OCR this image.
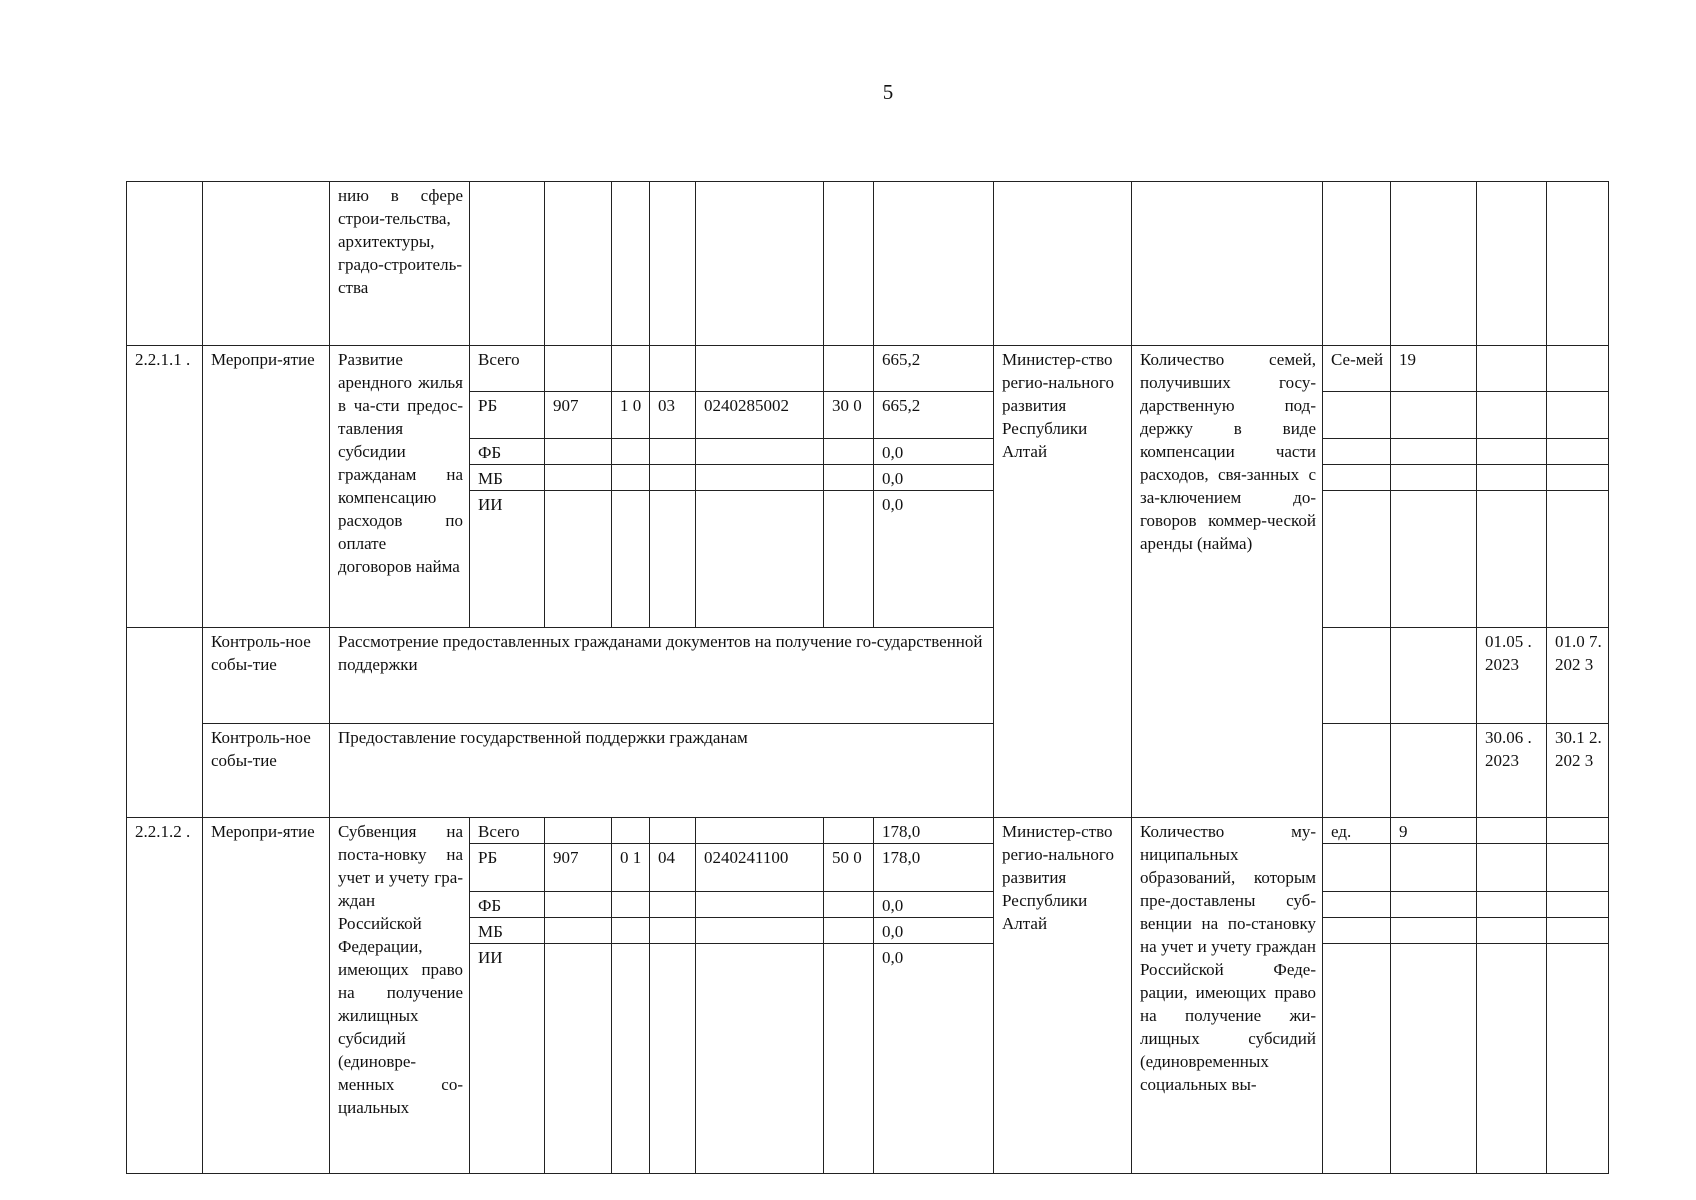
5
		нию в сфере строи-тельства, архитектуры, градо-строитель-ства													
2.2.1.1 .	Меропри-ятие	Развитие арендного жилья в ча-сти предос-тавления субсидии гражданам на компенсацию расходов по оплате договоров найма	Всего						665,2	Министер-ство регио-нального развития Республики Алтай	Количество семей, получивших госу-дарственную под-держку в виде компенсации части расходов, свя-занных с за-ключением до-говоров коммер-ческой аренды (найма)	Се-мей	19		
			РБ	907	1 0	03	0240285002	30 0	665,2						
			ФБ						0,0						
			МБ						0,0						
			ИИ						0,0						
	Контроль-ное собы-тие	Рассмотрение предоставленных гражданами документов на получение го-сударственной поддержки												01.05 . 2023	01.0 7. 202 3
	Контроль-ное собы-тие	Предоставление государственной поддержки гражданам												30.06 . 2023	30.1 2. 202 3
2.2.1.2 .	Меропри-ятие	Субвенция на поста-новку на учет и учету гра-ждан Российской Федерации, имеющих право на получение жилищных субсидий (единовре-менных со-циальных	Всего						178,0	Министер-ство регио-нального развития Республики Алтай	Количество му-ниципальных образований, которым пре-доставлены суб-венции на по-становку на учет и учету граждан Российской Феде-рации, имеющих право на получение жи-лищных субсидий (единовременных социальных вы-	ед.	9		
			РБ	907	0 1	04	0240241100	50 0	178,0						
			ФБ						0,0						
			МБ						0,0						
			ИИ						0,0						
